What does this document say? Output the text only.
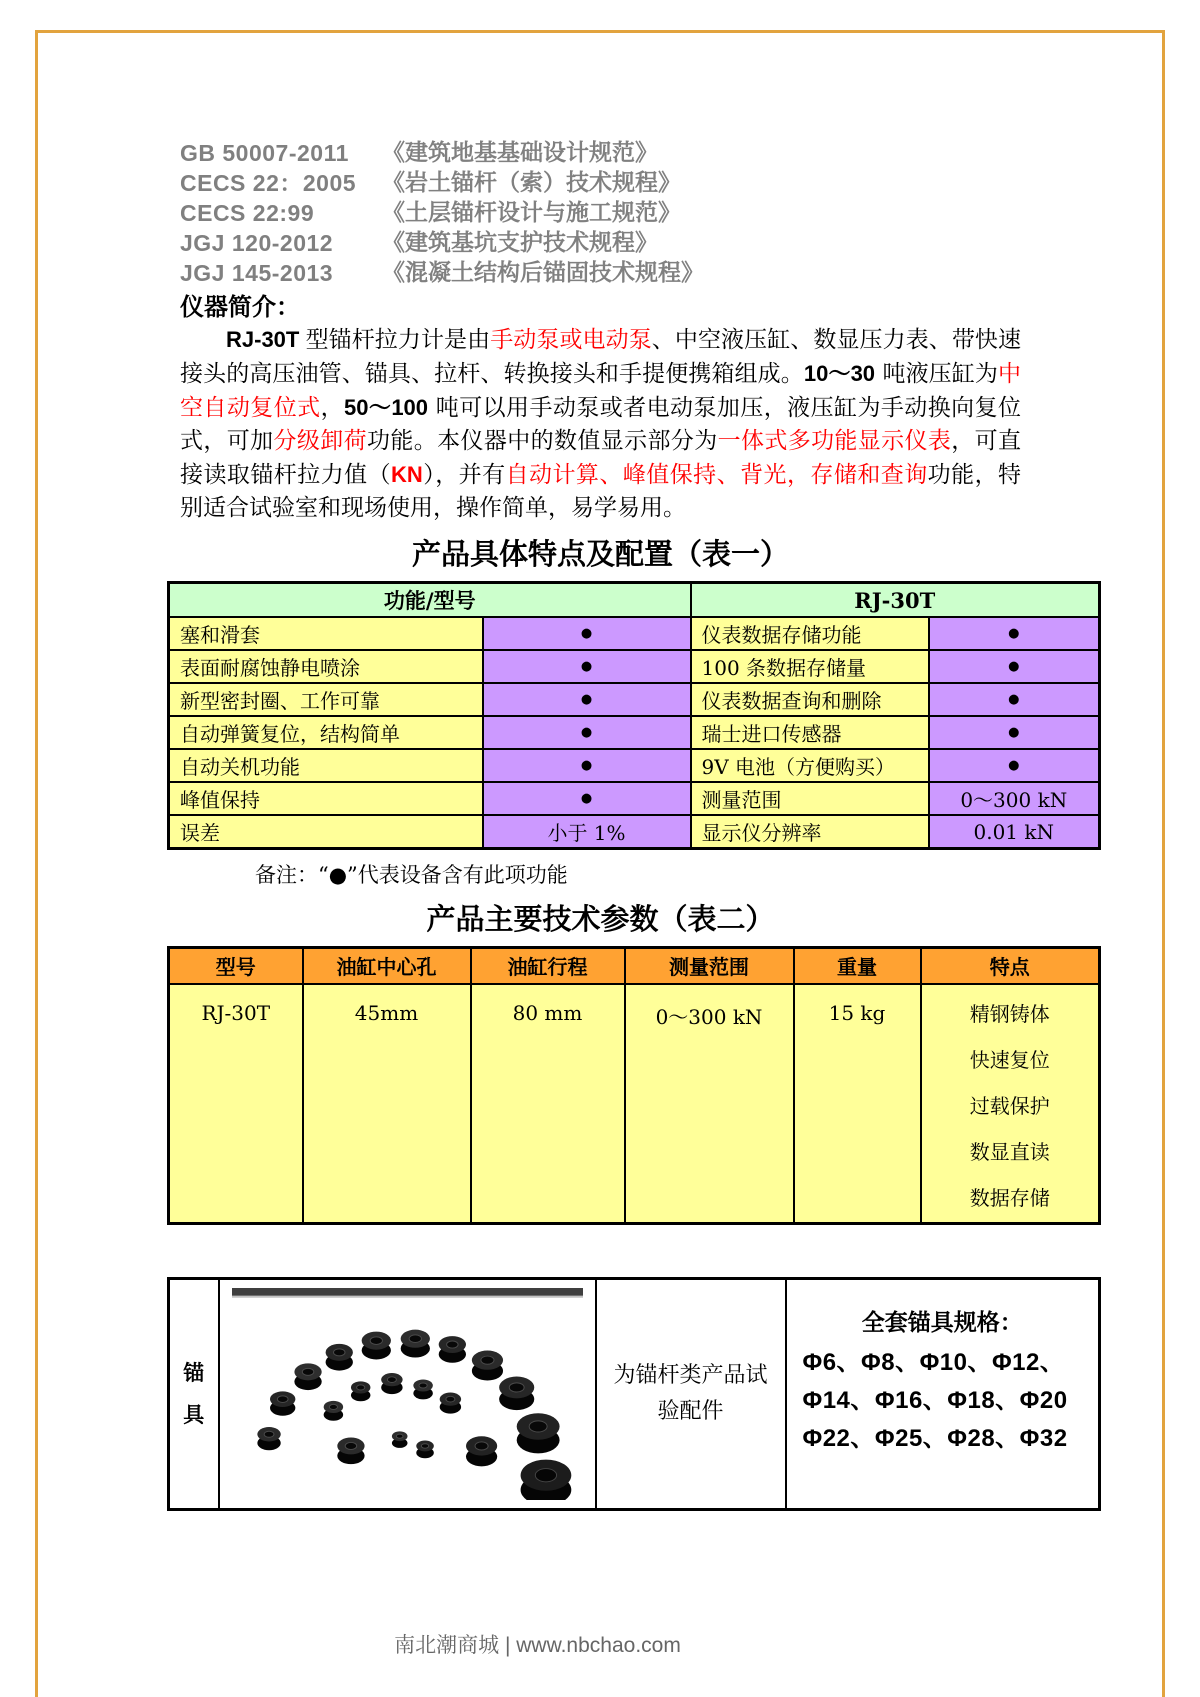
GB 50007-2011	《建筑地基基础设计规范》
CECS 22：2005	《岩土锚杆（索）技术规程》
CECS 22:99	《土层锚杆设计与施工规范》
JGJ 120-2012	《建筑基坑支护技术规程》
JGJ 145-2013	《混凝土结构后锚固技术规程》
仪器简介：

RJ-30T 型锚杆拉力计是由手动泵或电动泵、中空液压缸、数显压力表、带快速接头的高压油管、锚具、拉杆、转换接头和手提便携箱组成。10～30 吨液压缸为中空自动复位式，50～100 吨可以用手动泵或者电动泵加压，液压缸为手动换向复位式，可加分级卸荷功能。本仪器中的数值显示部分为一体式多功能显示仪表，可直接读取锚杆拉力值（KN），并有自动计算、峰值保持、背光，存储和查询功能，特别适合试验室和现场使用，操作简单，易学易用。

产品具体特点及配置（表一）
功能/型号		RJ-30T	
塞和滑套	●	仪表数据存储功能	●
表面耐腐蚀静电喷涂	●	100 条数据存储量	●
新型密封圈、工作可靠	●	仪表数据查询和删除	●
自动弹簧复位，结构简单	●	瑞士进口传感器	●
自动关机功能	●	9V 电池（方便购买）	●
峰值保持	●	测量范围	0～300 kN
误差	小于 1%	显示仪分辨率	0.01 kN
备注：“●”代表设备含有此项功能
产品主要技术参数（表二）
型号	油缸中心孔	油缸行程	测量范围	重量	特点
RJ-30T	45mm	80 mm	0～300 kN	15 kg	精钢铸体
快速复位
过载保护
数显直读
数据存储
锚具	
	为锚杆类产品试验配件	
全套锚具规格：
Φ6、Φ8、Φ10、Φ12、 Φ14、Φ16、Φ18、Φ20
Φ22、Φ25、Φ28、Φ32
南北潮商城 | www.nbchao.com
